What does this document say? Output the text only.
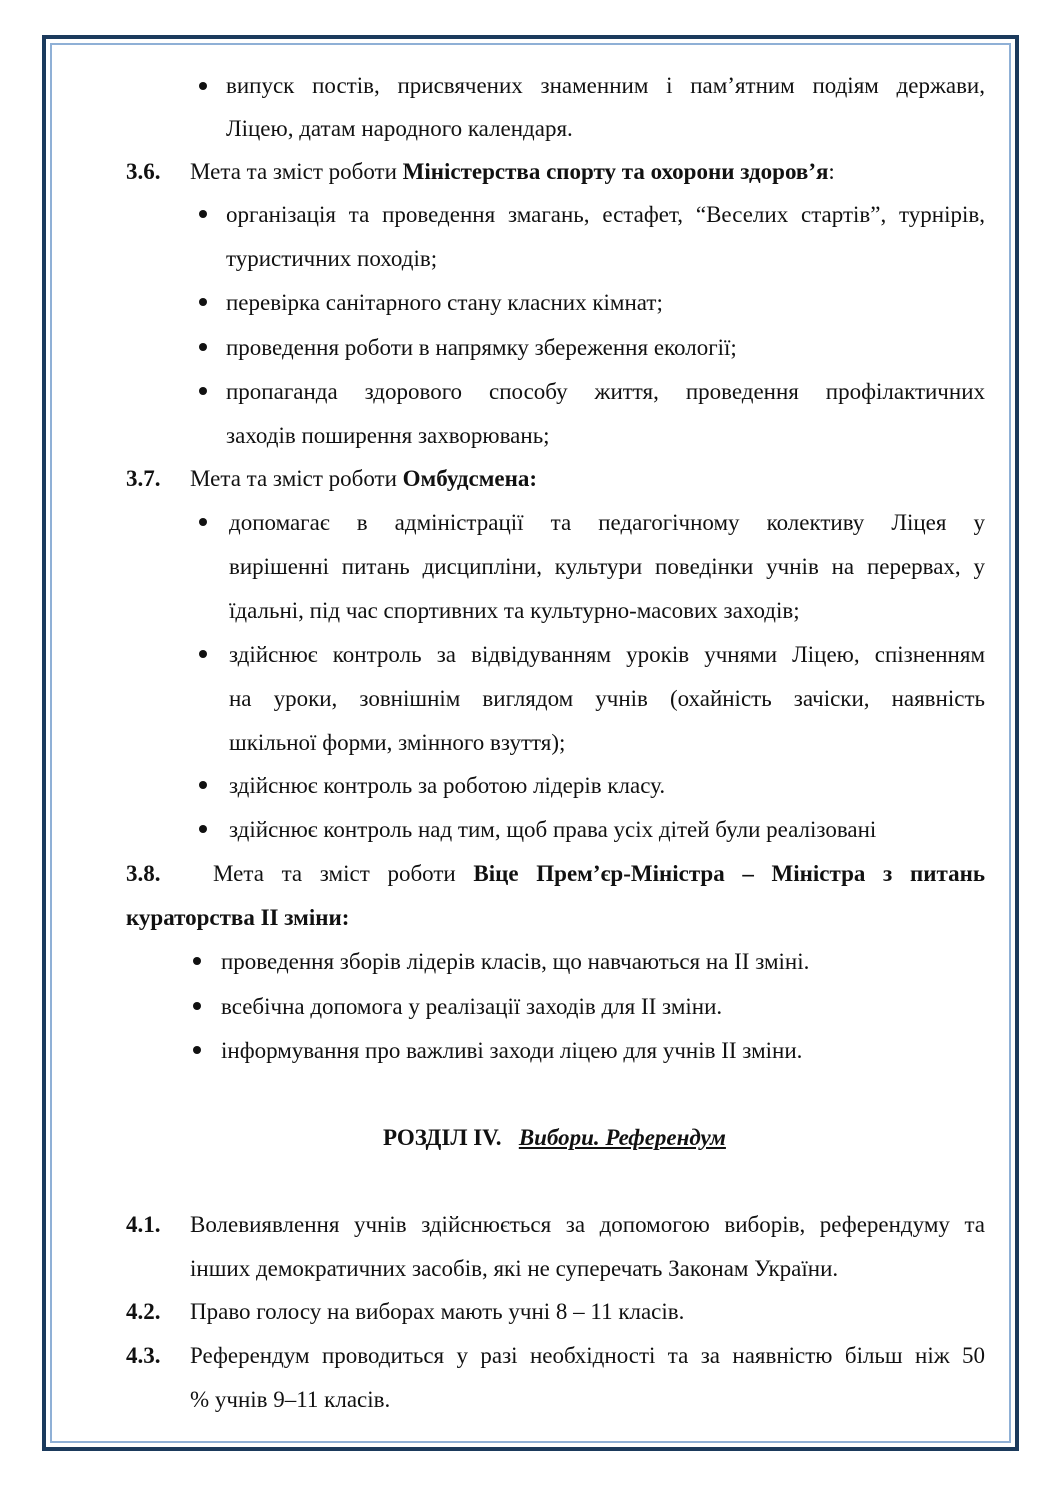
випуск постів, присвячених знаменним і пам’ятним подіям держави,
Ліцею, датам народного календаря.
3.6. Мета та зміст роботи Міністерства спорту та охорони здоров’я:
організація та проведення змагань, естафет, “Веселих стартів”, турнірів,
туристичних походів;
перевірка санітарного стану класних кімнат;
проведення роботи в напрямку збереження екології;
пропаганда здорового способу життя, проведення профілактичних
заходів поширення захворювань;
3.7. Мета та зміст роботи Омбудсмена:
допомагає в адміністрації та педагогічному колективу Ліцея у
вирішенні питань дисципліни, культури поведінки учнів на перервах, у
їдальні, під час спортивних та культурно-масових заходів;
здійснює контроль за відвідуванням уроків учнями Ліцею, спізненням
на уроки, зовнішнім виглядом учнів (охайність зачіски, наявність
шкільної форми, змінного взуття);
здійснює контроль за роботою лідерів класу.
здійснює контроль над тим, щоб права усіх дітей були реалізовані
3.8. Мета та зміст роботи Віце Прем’єр-Міністра – Міністра з питань
кураторства ІІ зміни:
проведення зборів лідерів класів, що навчаються на ІІ зміні.
всебічна допомога у реалізації заходів для ІІ зміни.
інформування про важливі заходи ліцею для учнів ІІ зміни.
РОЗДІЛ IV. Вибори. Референдум
4.1. Волевиявлення учнів здійснюється за допомогою виборів, референдуму та
інших демократичних засобів, які не суперечать Законам України.
4.2. Право голосу на виборах мають учні 8 – 11 класів.
4.3. Референдум проводиться у разі необхідності та за наявністю більш ніж 50
% учнів 9–11 класів.
